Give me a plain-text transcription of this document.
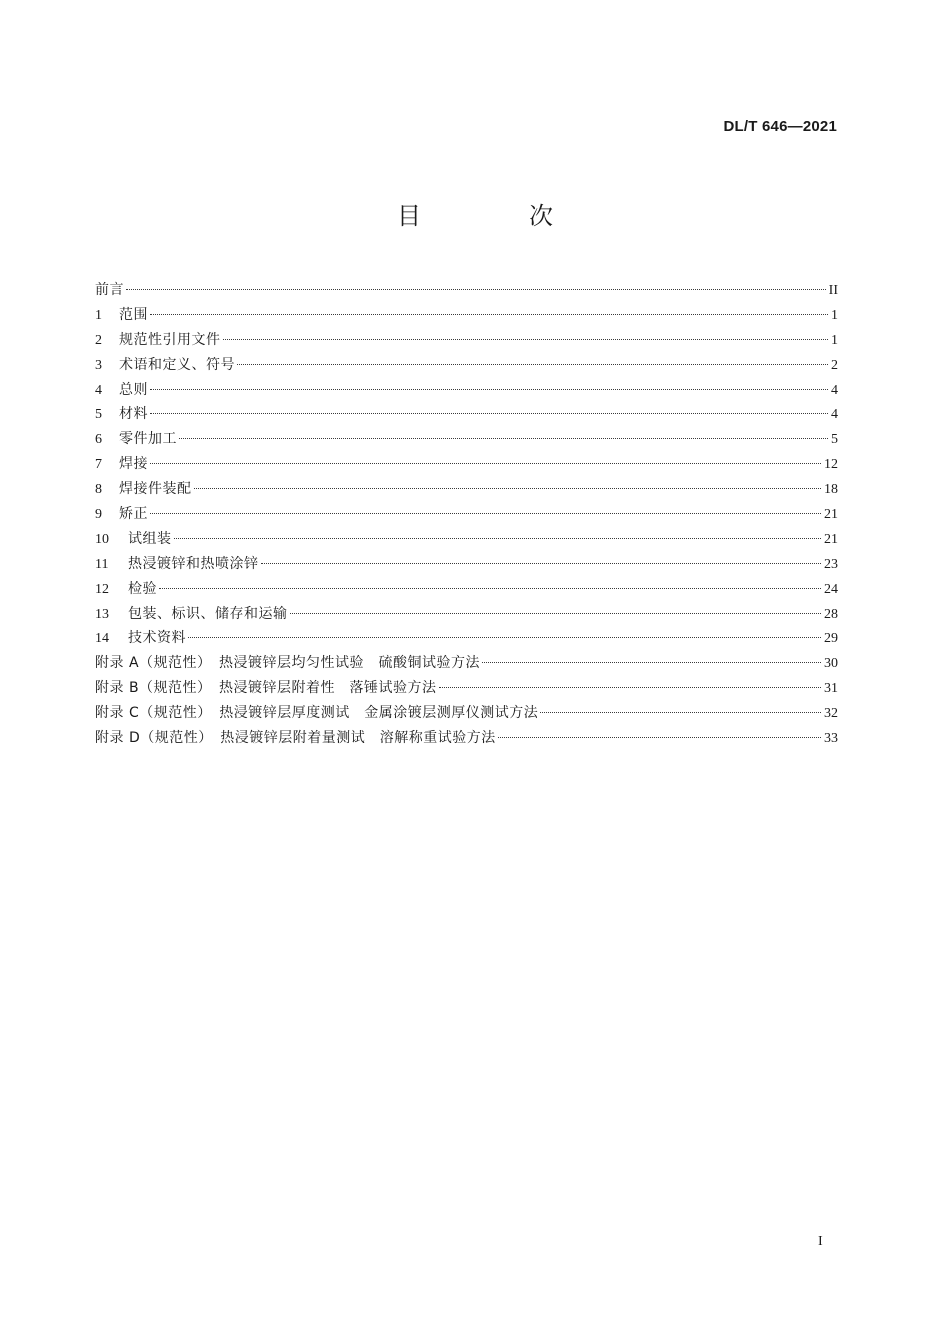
DL/T 646—2021
目　次
前言	II
1	范围	1
2	规范性引用文件	1
3	术语和定义、符号	2
4	总则	4
5	材料	4
6	零件加工	5
7	焊接	12
8	焊接件装配	18
9	矫正	21
10	试组装	21
11	热浸镀锌和热喷涂锌	23
12	检验	24
13	包装、标识、储存和运输	28
14	技术资料	29
附录 A（规范性）　热浸镀锌层均匀性试验　硫酸铜试验方法	30
附录 B（规范性）　热浸镀锌层附着性　落锤试验方法	31
附录 C（规范性）　热浸镀锌层厚度测试　金属涂镀层测厚仪测试方法	32
附录 D（规范性）　热浸镀锌层附着量测试　溶解称重试验方法	33
I
